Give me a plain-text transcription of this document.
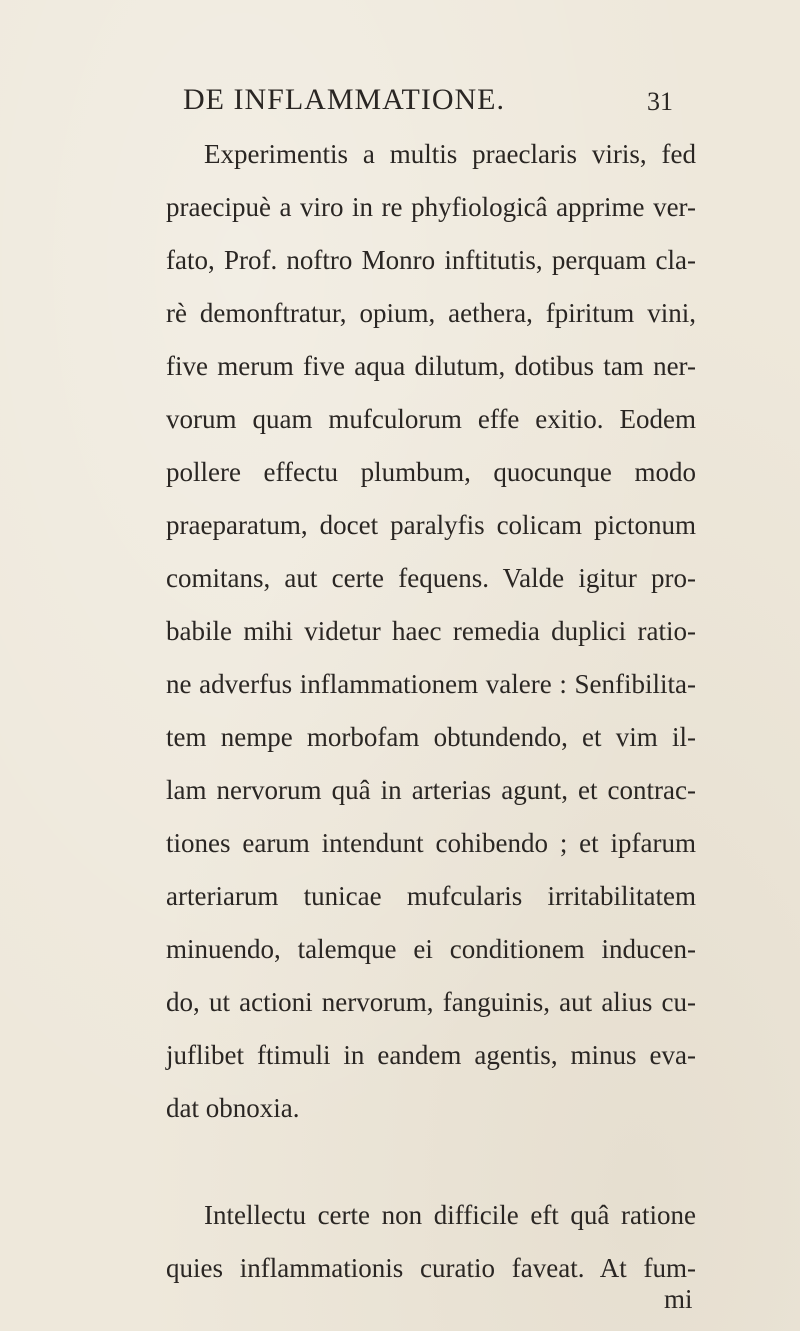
DE INFLAMMATIONE.	31
Experimentis a multis praeclaris viris, fed
praecipuè a viro in re phyfiologicâ apprime ver-
fato, Prof. noftro Monro inftitutis, perquam cla-
rè demonftratur, opium, aethera, fpiritum vini,
five merum five aqua dilutum, dotibus tam ner-
vorum quam mufculorum effe exitio. Eodem
pollere effectu plumbum, quocunque modo
praeparatum, docet paralyfis colicam pictonum
comitans, aut certe fequens. Valde igitur pro-
babile mihi videtur haec remedia duplici ratio-
ne adverfus inflammationem valere : Senfibilita-
tem nempe morbofam obtundendo, et vim il-
lam nervorum quâ in arterias agunt, et contrac-
tiones earum intendunt cohibendo ; et ipfarum
arteriarum tunicae mufcularis irritabilitatem
minuendo, talemque ei conditionem inducen-
do, ut actioni nervorum, fanguinis, aut alius cu-
juflibet ftimuli in eandem agentis, minus eva-
dat obnoxia.
Intellectu certe non difficile eft quâ ratione
quies inflammationis curatio faveat. At fum-
mi
